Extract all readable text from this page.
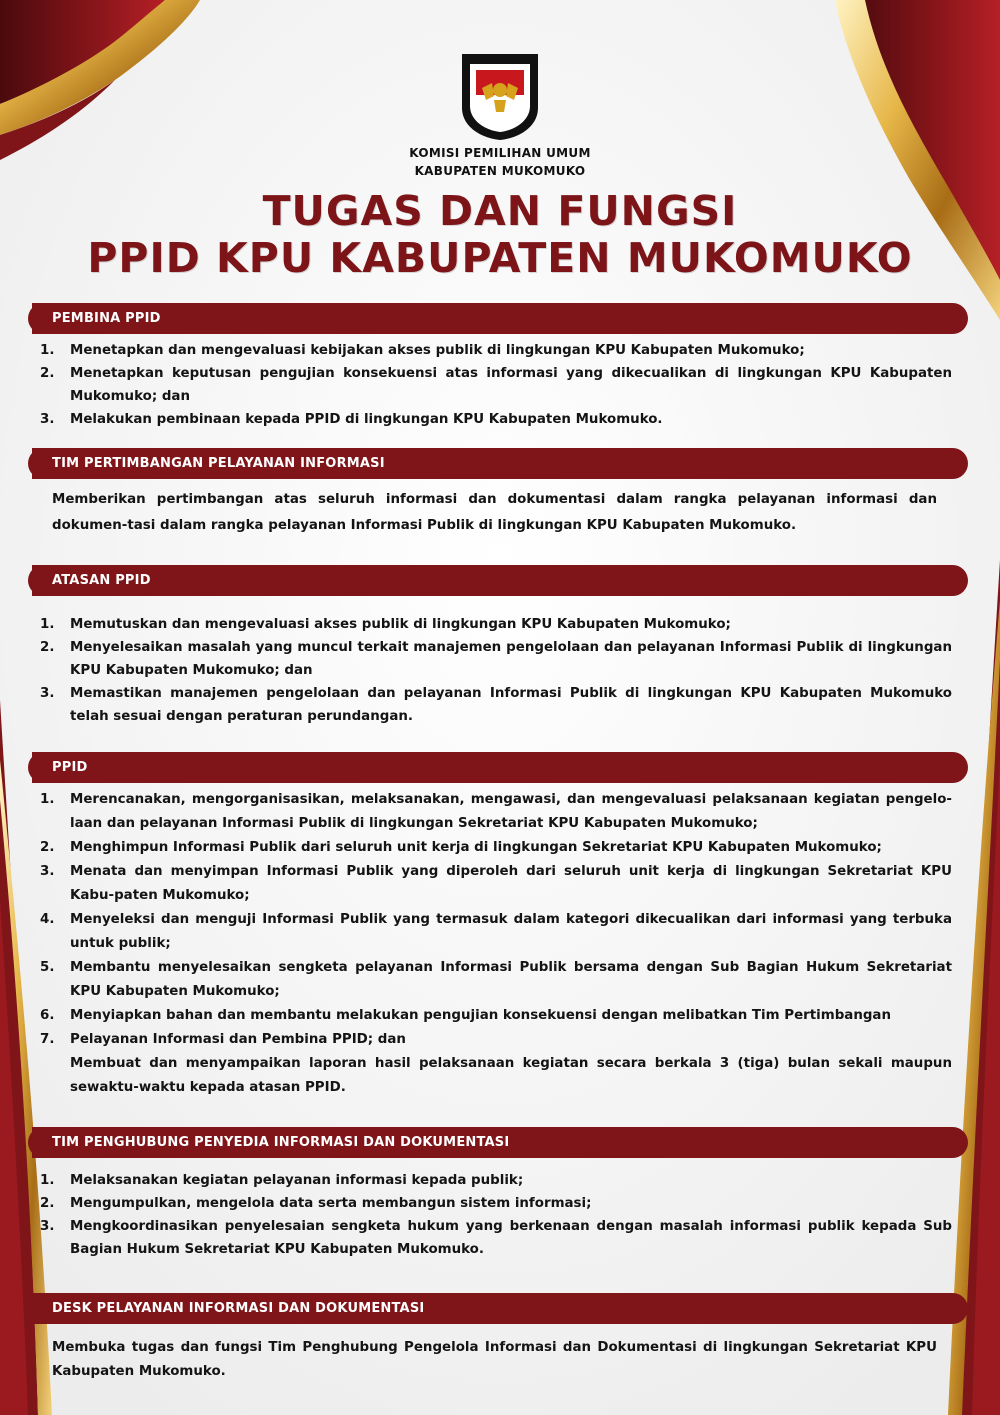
KOMISI PEMILIHAN UMUM
KABUPATEN MUKOMUKO
TUGAS DAN FUNGSI
PPID KPU KABUPATEN MUKOMUKO
PEMBINA PPID
1. Menetapkan dan mengevaluasi kebijakan akses publik di lingkungan KPU Kabupaten Mukomuko;
2. Menetapkan keputusan pengujian konsekuensi atas informasi yang dikecualikan di lingkungan KPU Kabupaten Mukomuko; dan
3. Melakukan pembinaan kepada PPID di lingkungan KPU Kabupaten Mukomuko.
TIM PERTIMBANGAN PELAYANAN INFORMASI
Memberikan pertimbangan atas seluruh informasi dan dokumentasi dalam rangka pelayanan informasi dan dokumen-tasi dalam rangka pelayanan Informasi Publik di lingkungan KPU Kabupaten Mukomuko.
ATASAN PPID
1. Memutuskan dan mengevaluasi akses publik di lingkungan KPU Kabupaten Mukomuko;
2. Menyelesaikan masalah yang muncul terkait manajemen pengelolaan dan pelayanan Informasi Publik di lingkungan KPU Kabupaten Mukomuko; dan
3. Memastikan manajemen pengelolaan dan pelayanan Informasi Publik di lingkungan KPU Kabupaten Mukomuko telah sesuai dengan peraturan perundangan.
PPID
1. Merencanakan, mengorganisasikan, melaksanakan, mengawasi, dan mengevaluasi pelaksanaan kegiatan pengelo-laan dan pelayanan Informasi Publik di lingkungan Sekretariat KPU Kabupaten Mukomuko;
2. Menghimpun Informasi Publik dari seluruh unit kerja di lingkungan Sekretariat KPU Kabupaten Mukomuko;
3. Menata dan menyimpan Informasi Publik yang diperoleh dari seluruh unit kerja di lingkungan Sekretariat KPU Kabu-paten Mukomuko;
4. Menyeleksi dan menguji Informasi Publik yang termasuk dalam kategori dikecualikan dari informasi yang terbuka untuk publik;
5. Membantu menyelesaikan sengketa pelayanan Informasi Publik bersama dengan Sub Bagian Hukum Sekretariat KPU Kabupaten Mukomuko;
6. Menyiapkan bahan dan membantu melakukan pengujian konsekuensi dengan melibatkan Tim Pertimbangan
7. Pelayanan Informasi dan Pembina PPID; dan
Membuat dan menyampaikan laporan hasil pelaksanaan kegiatan secara berkala 3 (tiga) bulan sekali maupun sewaktu-waktu kepada atasan PPID.
TIM PENGHUBUNG PENYEDIA INFORMASI DAN DOKUMENTASI
1. Melaksanakan kegiatan pelayanan informasi kepada publik;
2. Mengumpulkan, mengelola data serta membangun sistem informasi;
3. Mengkoordinasikan penyelesaian sengketa hukum yang berkenaan dengan masalah informasi publik kepada Sub Bagian Hukum Sekretariat KPU Kabupaten Mukomuko.
DESK PELAYANAN INFORMASI DAN DOKUMENTASI
Membuka tugas dan fungsi Tim Penghubung Pengelola Informasi dan Dokumentasi di lingkungan Sekretariat KPU Kabupaten Mukomuko.
